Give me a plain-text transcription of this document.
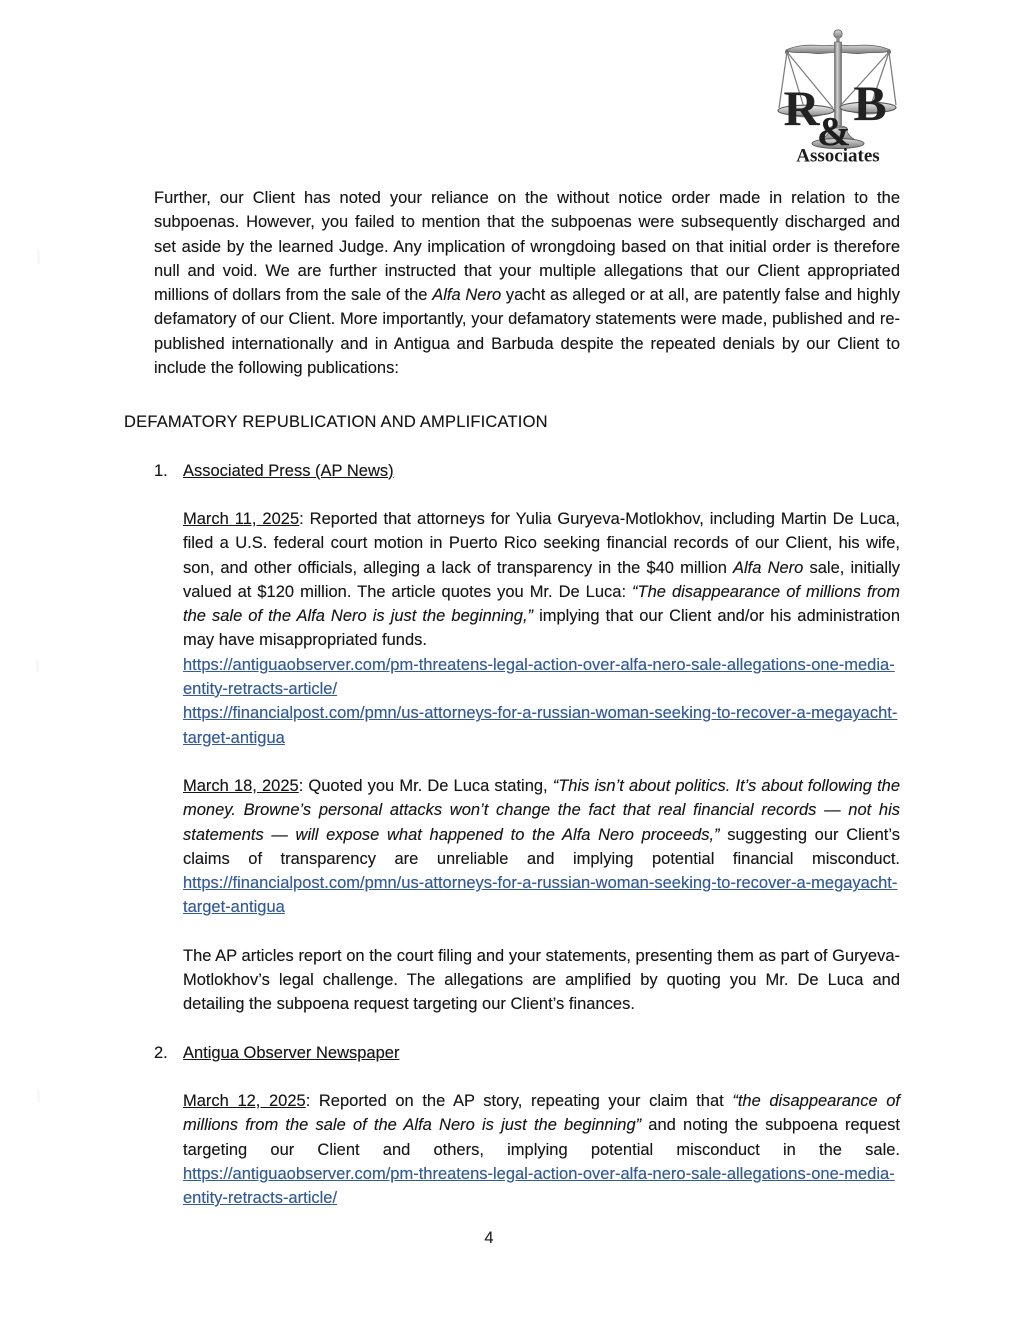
R B
&
Associates

Further, our Client has noted your reliance on the without notice order made in relation to the subpoenas. However, you failed to mention that the subpoenas were subsequently discharged and set aside by the learned Judge. Any implication of wrongdoing based on that initial order is therefore null and void. We are further instructed that your multiple allegations that our Client appropriated millions of dollars from the sale of the Alfa Nero yacht as alleged or at all, are patently false and highly defamatory of our Client. More importantly, your defamatory statements were made, published and re-published internationally and in Antigua and Barbuda despite the repeated denials by our Client to include the following publications:

DEFAMATORY REPUBLICATION AND AMPLIFICATION
1. Associated Press (AP News)

March 11, 2025: Reported that attorneys for Yulia Guryeva-Motlokhov, including Martin De Luca, filed a U.S. federal court motion in Puerto Rico seeking financial records of our Client, his wife, son, and other officials, alleging a lack of transparency in the $40 million Alfa Nero sale, initially valued at $120 million. The article quotes you Mr. De Luca: “The disappearance of millions from the sale of the Alfa Nero is just the beginning,” implying that our Client and/or his administration may have misappropriated funds.
https://antiguaobserver.com/pm-threatens-legal-action-over-alfa-nero-sale-allegations-one-media-entity-retracts-article/
https://financialpost.com/pmn/us-attorneys-for-a-russian-woman-seeking-to-recover-a-megayacht-target-antigua

March 18, 2025: Quoted you Mr. De Luca stating, “This isn’t about politics. It’s about following the money. Browne’s personal attacks won’t change the fact that real financial records — not his statements — will expose what happened to the Alfa Nero proceeds,” suggesting our Client’s claims of transparency are unreliable and implying potential financial misconduct. https://financialpost.com/pmn/us-attorneys-for-a-russian-woman-seeking-to-recover-a-megayacht-target-antigua

The AP articles report on the court filing and your statements, presenting them as part of Guryeva-Motlokhov’s legal challenge. The allegations are amplified by quoting you Mr. De Luca and detailing the subpoena request targeting our Client’s finances.

2. Antigua Observer Newspaper

March 12, 2025: Reported on the AP story, repeating your claim that “the disappearance of millions from the sale of the Alfa Nero is just the beginning” and noting the subpoena request targeting our Client and others, implying potential misconduct in the sale. https://antiguaobserver.com/pm-threatens-legal-action-over-alfa-nero-sale-allegations-one-media-entity-retracts-article/

4
